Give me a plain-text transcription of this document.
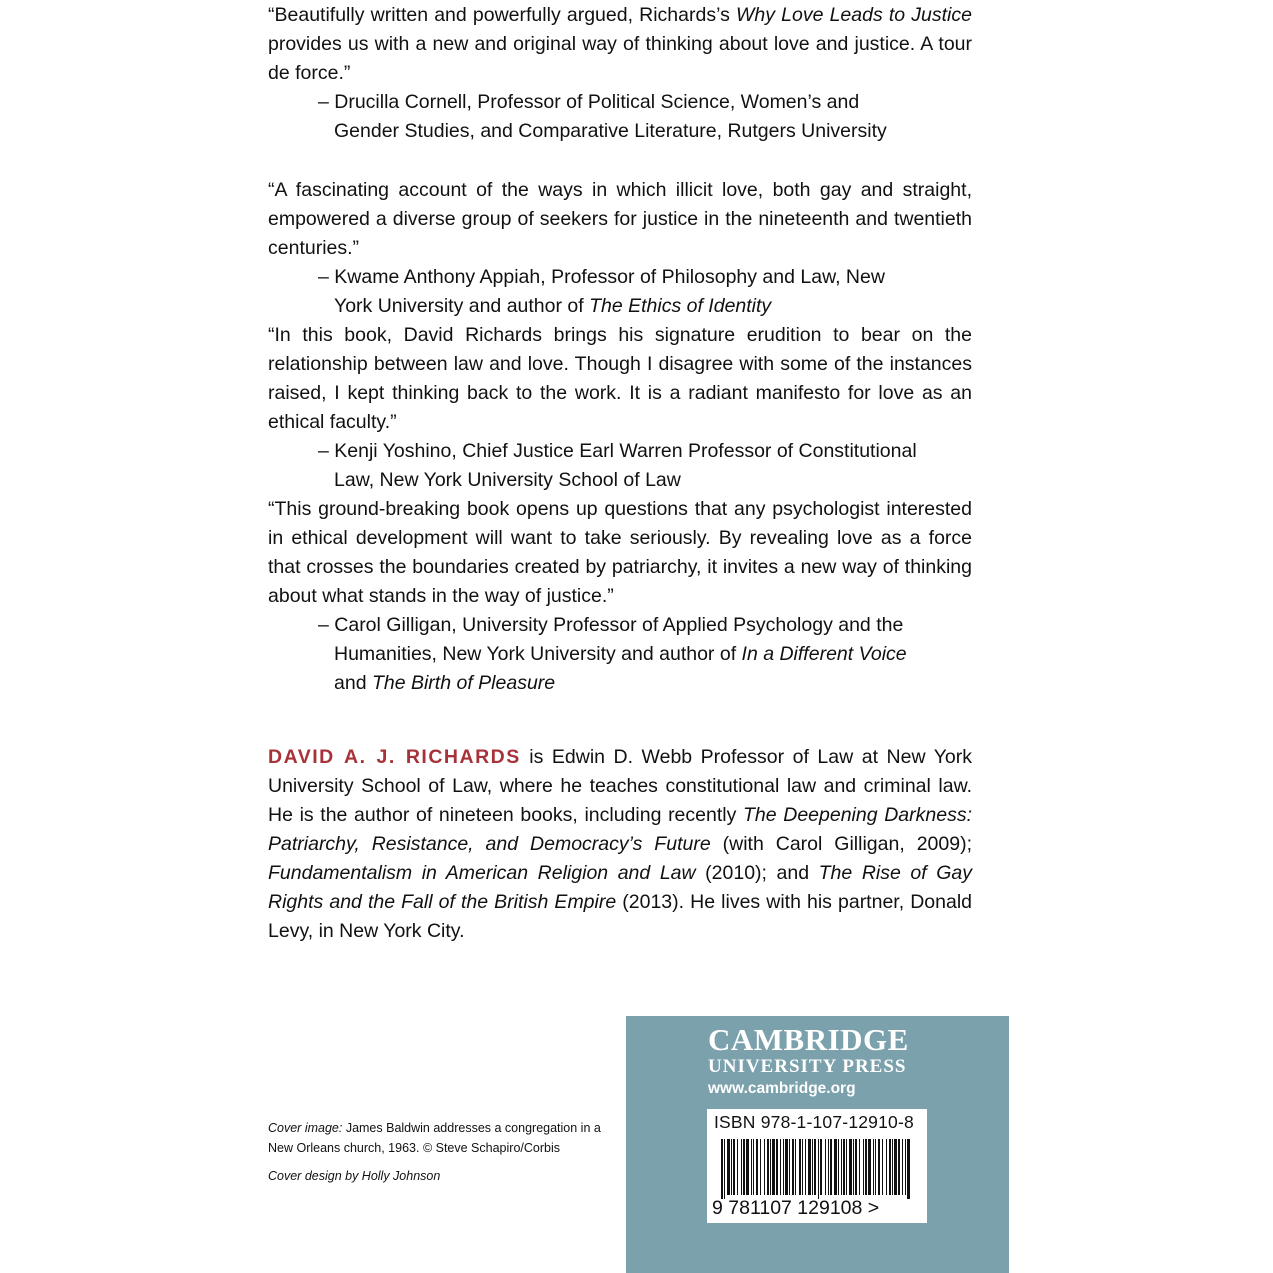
“Beautifully written and powerfully argued, Richards’s Why Love Leads to Justice provides us with a new and original way of thinking about love and justice. A tour de force.”

– Drucilla Cornell, Professor of Political Science, Women’s and Gender Studies, and Comparative Literature, Rutgers University

“A fascinating account of the ways in which illicit love, both gay and straight, empowered a diverse group of seekers for justice in the nineteenth and twentieth centuries.”

– Kwame Anthony Appiah, Professor of Philosophy and Law, New York University and author of The Ethics of Identity

“In this book, David Richards brings his signature erudition to bear on the relationship between law and love. Though I disagree with some of the instances raised, I kept thinking back to the work. It is a radiant manifesto for love as an ethical faculty.”

– Kenji Yoshino, Chief Justice Earl Warren Professor of Constitutional Law, New York University School of Law

“This ground-breaking book opens up questions that any psychologist interested in ethical development will want to take seriously. By revealing love as a force that crosses the boundaries created by patriarchy, it invites a new way of thinking about what stands in the way of justice.”

– Carol Gilligan, University Professor of Applied Psychology and the Humanities, New York University and author of In a Different Voice and The Birth of Pleasure

DAVID A. J. RICHARDS is Edwin D. Webb Professor of Law at New York University School of Law, where he teaches constitutional law and criminal law. He is the author of nineteen books, including recently The Deepening Darkness: Patriarchy, Resistance, and Democracy’s Future (with Carol Gilligan, 2009); Fundamentalism in American Religion and Law (2010); and The Rise of Gay Rights and the Fall of the British Empire (2013). He lives with his partner, Donald Levy, in New York City.

Cover image: James Baldwin addresses a congregation in a New Orleans church, 1963. © Steve Schapiro/Corbis

Cover design by Holly Johnson

CAMBRIDGE
UNIVERSITY PRESS
www.cambridge.org
ISBN 978-1-107-12910-8
9 781107 129108 >
